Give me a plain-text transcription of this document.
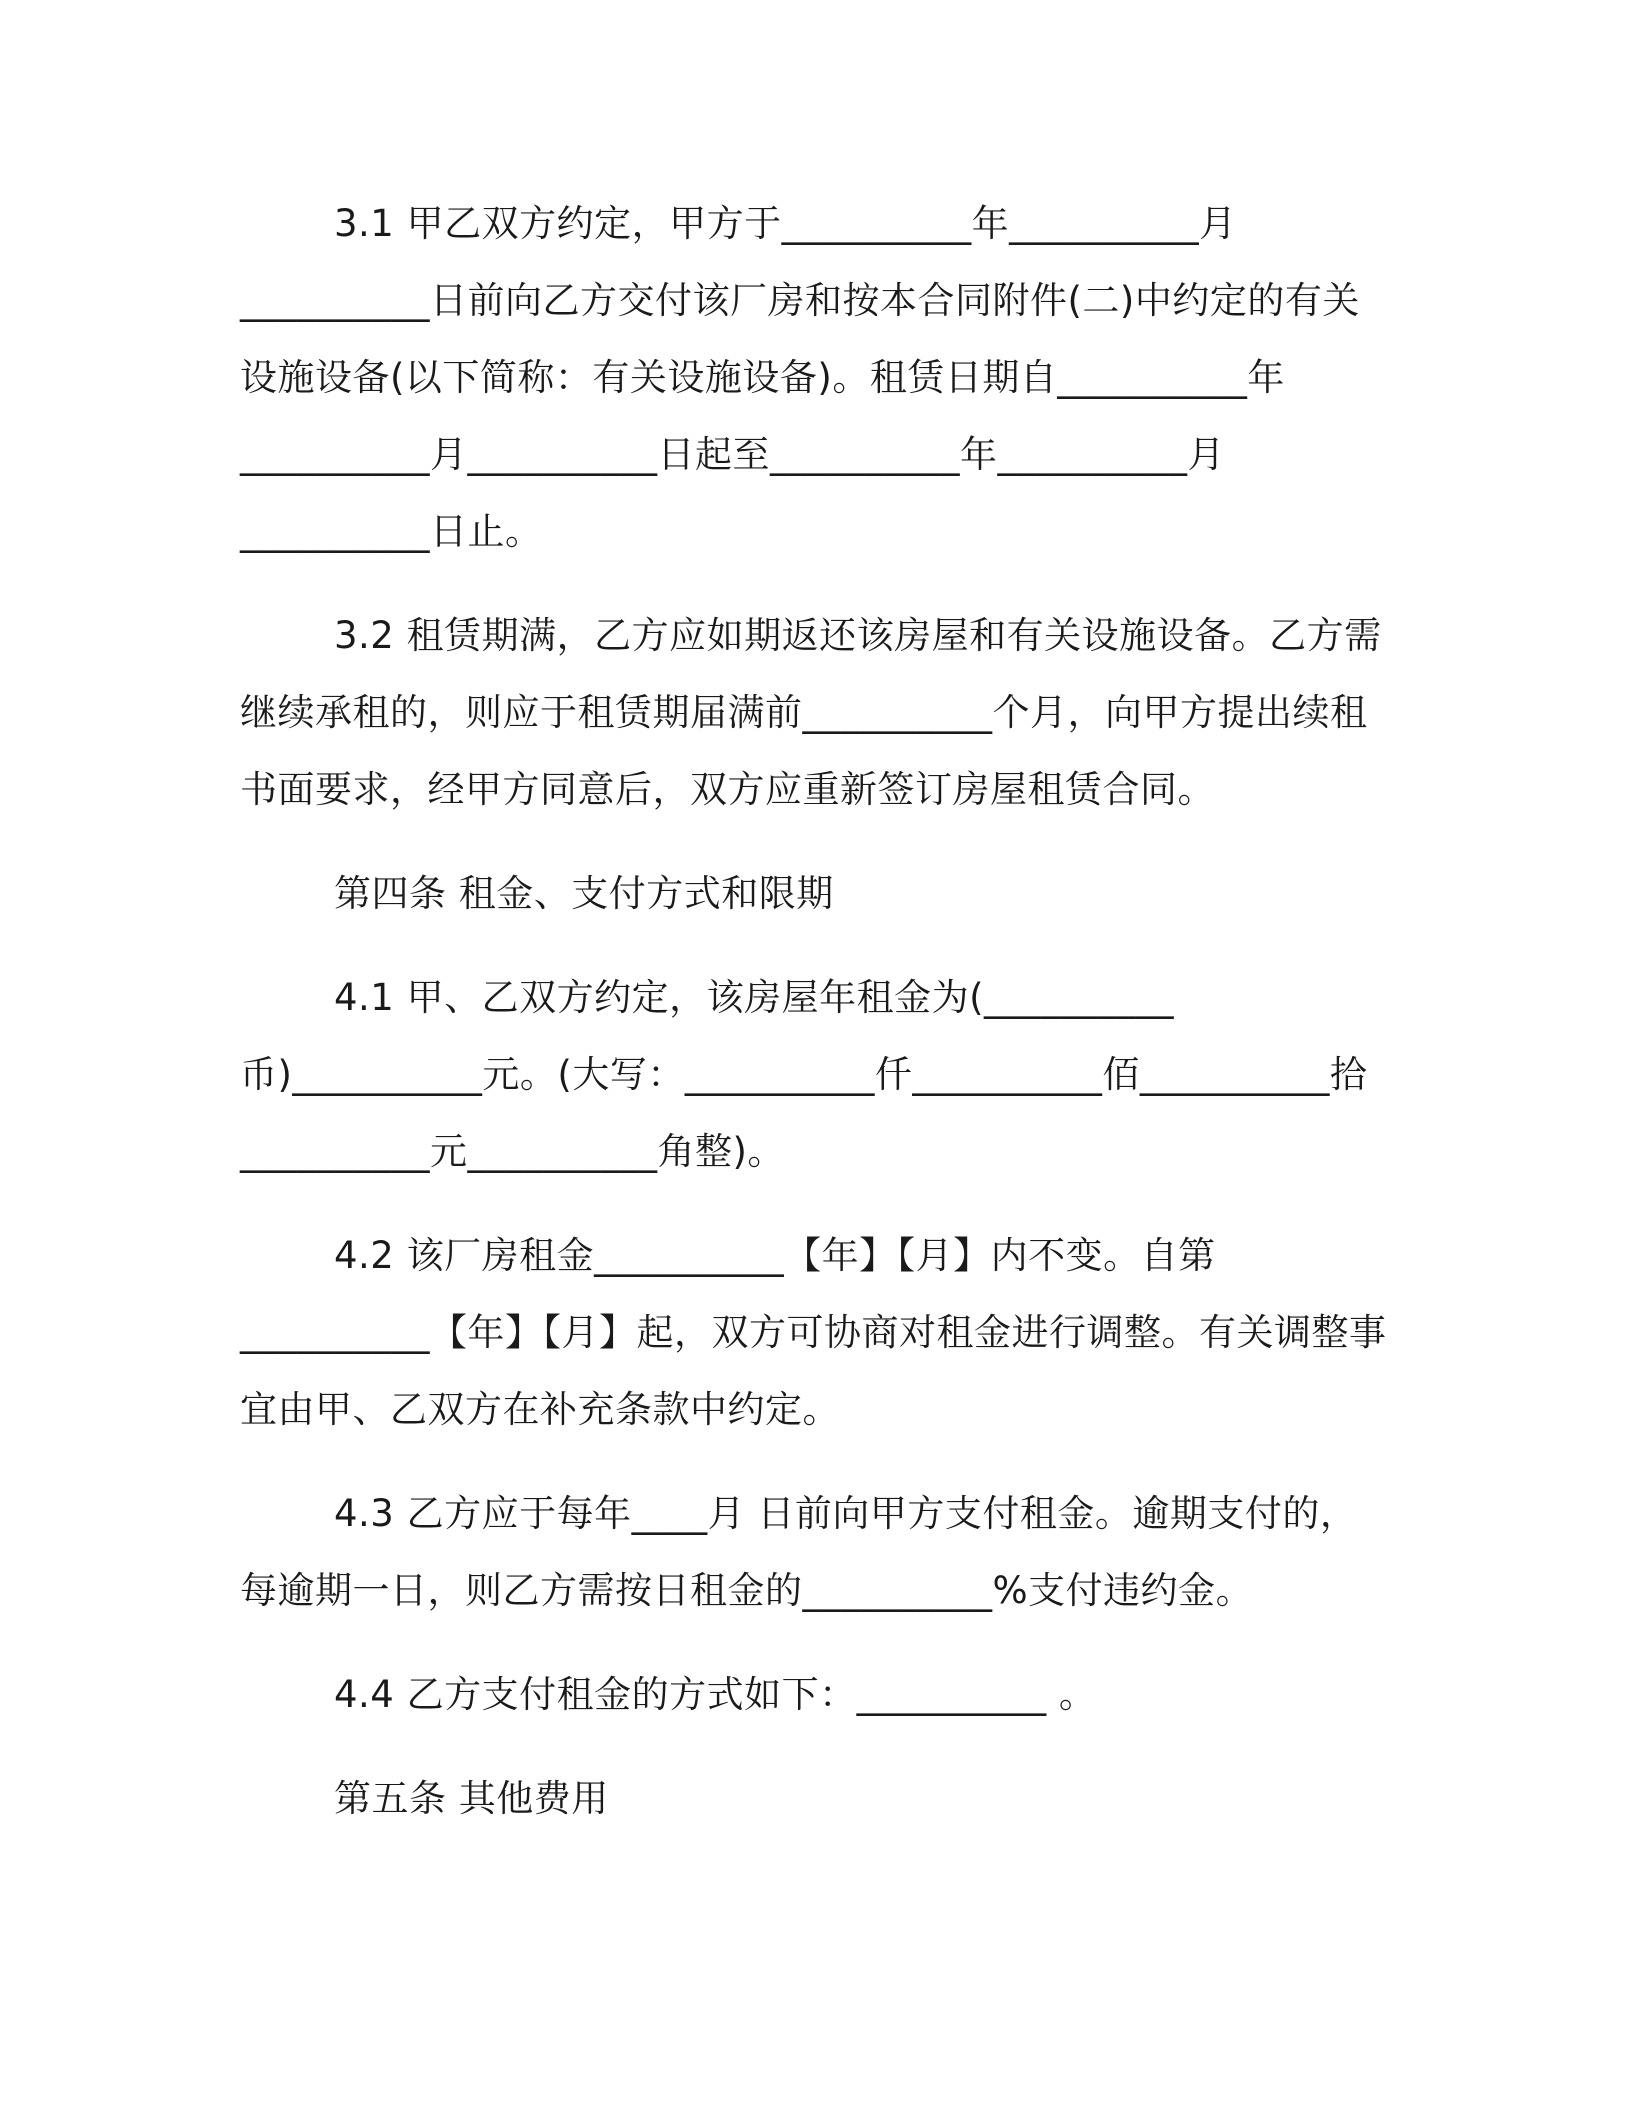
3.1 甲乙双方约定，甲方于__________年__________月__________日前向乙方交付该厂房和按本合同附件(二)中约定的有关设施设备(以下简称：有关设施设备)。租赁日期自__________年__________月__________日起至__________年__________月__________日止。

3.2 租赁期满，乙方应如期返还该房屋和有关设施设备。乙方需继续承租的，则应于租赁期届满前__________个月，向甲方提出续租书面要求，经甲方同意后，双方应重新签订房屋租赁合同。

第四条 租金、支付方式和限期

4.1 甲、乙双方约定，该房屋年租金为(__________币)__________元。(大写：__________仟__________佰__________拾__________元__________角整)。

4.2 该厂房租金__________【年】【月】内不变。自第__________【年】【月】起，双方可协商对租金进行调整。有关调整事宜由甲、乙双方在补充条款中约定。

4.3 乙方应于每年____月 日前向甲方支付租金。逾期支付的，每逾期一日，则乙方需按日租金的__________%支付违约金。

4.4 乙方支付租金的方式如下：__________ 。

第五条 其他费用
